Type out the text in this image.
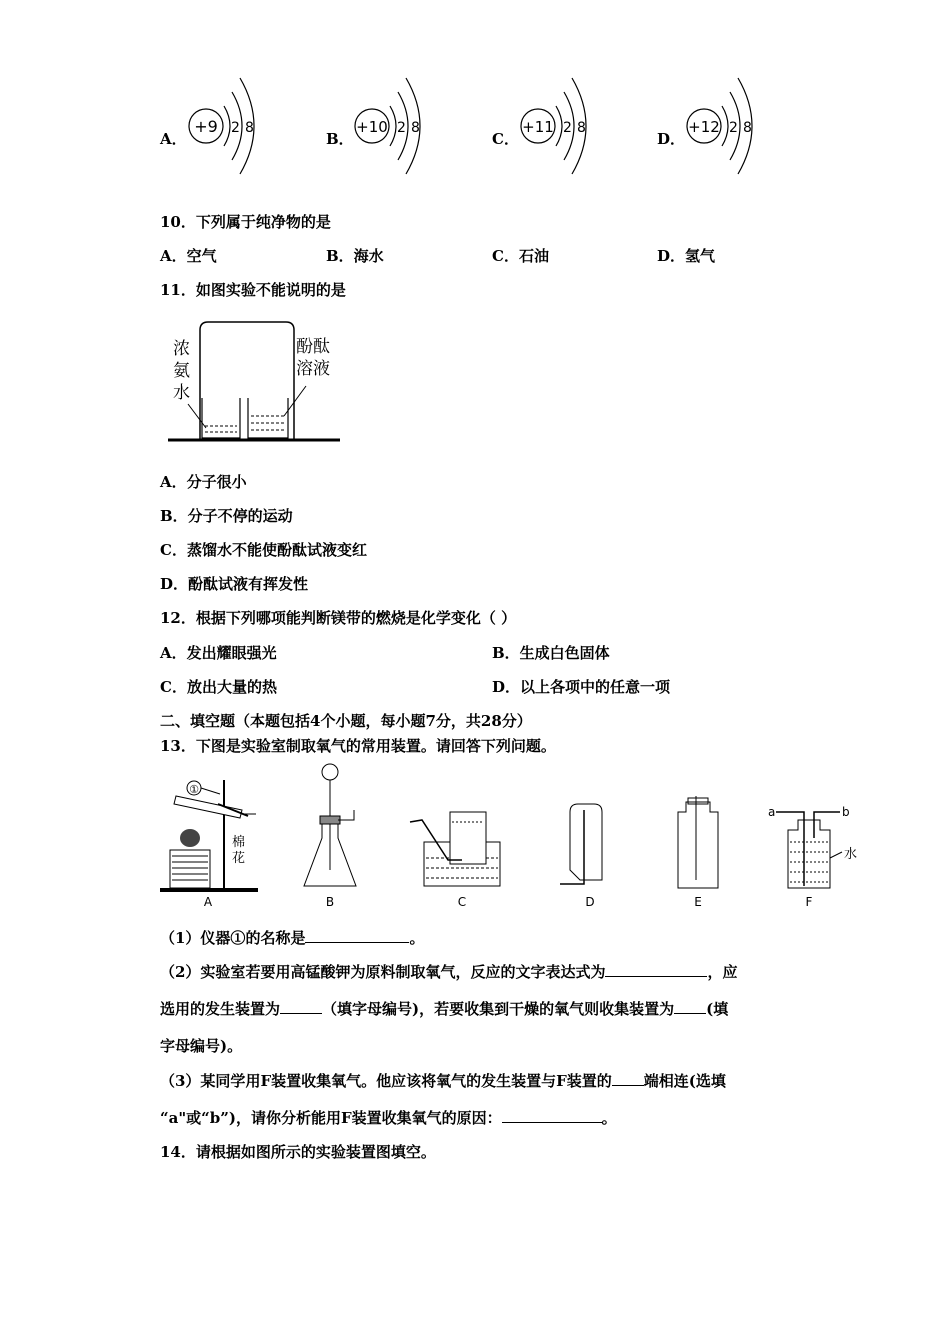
A．
+9 2 8
B．
+10 2 8
C．
+11 2 8
D．
+12 2 8
10．下列属于纯净物的是
A．空气	B．海水	C．石油	D．氢气
11．如图实验不能说明的是
浓
氨
水
酚酞
溶液
A．分子很小
B．分子不停的运动
C．蒸馏水不能使酚酞试液变红
D．酚酞试液有挥发性
12．根据下列哪项能判断镁带的燃烧是化学变化（ ）
A．发出耀眼强光	B．生成白色固体
C．放出大量的热	D．以上各项中的任意一项
二、填空题（本题包括4个小题，每小题7分，共28分）
13．下图是实验室制取氧气的常用装置。请回答下列问题。
①
棉
花
A	B	C	D	E
a	b
水
F
（1）仪器①的名称是	。
（2）实验室若要用高锰酸钾为原料制取氧气，反应的文字表达式为	，应
选用的发生装置为	（填字母编号)，若要收集到干燥的氧气则收集装置为 (填
字母编号)。
（3）某同学用F装置收集氧气。他应该将氧气的发生装置与F装置的 端相连(选填
“a"或“b”)，请你分析能用F装置收集氧气的原因：	。
14．请根据如图所示的实验装置图填空。
